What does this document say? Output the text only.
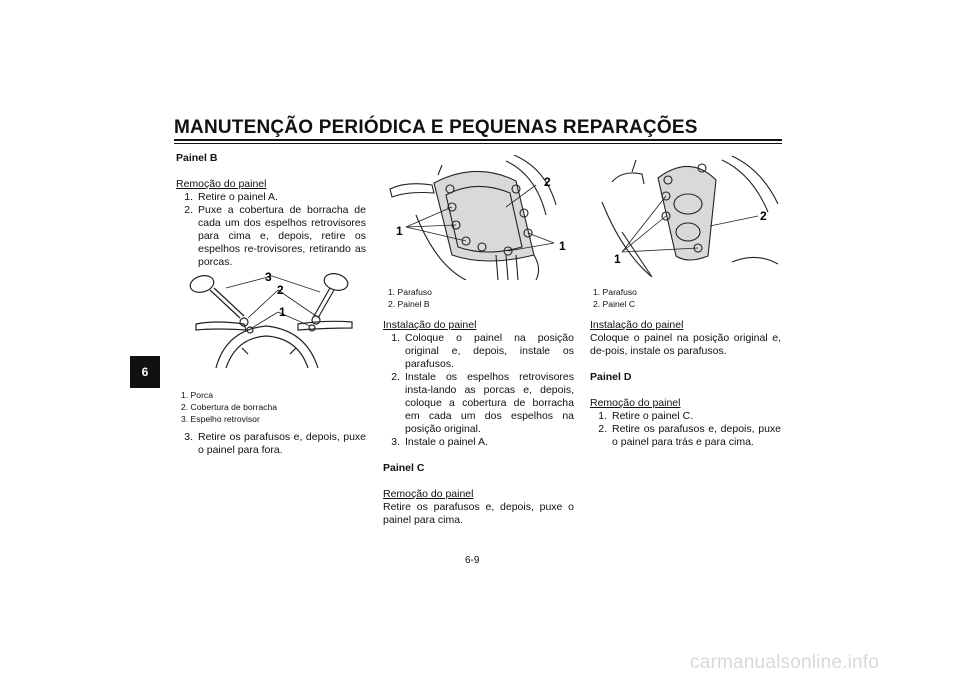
MANUTENÇÃO PERIÓDICA E PEQUENAS REPARAÇÕES
6
Painel B
Remoção do painel
1. Retire o painel A.
2. Puxe a cobertura de borracha de cada um dos espelhos retrovisores para cima e, depois, retire os espelhos re-trovisores, retirando as porcas.
3
2
1
1. Porca
2. Cobertura de borracha
3. Espelho retrovisor
3. Retire os parafusos e, depois, puxe o painel para fora.
2
1
1
1. Parafuso
2. Painel B
Instalação do painel
1. Coloque o painel na posição original e, depois, instale os parafusos.
2. Instale os espelhos retrovisores insta-lando as porcas e, depois, coloque a cobertura de borracha em cada um dos espelhos na posição original.
3. Instale o painel A.
Painel C
Remoção do painel
Retire os parafusos e, depois, puxe o painel para cima.
2
1
1. Parafuso
2. Painel C
Instalação do painel
Coloque o painel na posição original e, de-pois, instale os parafusos.
Painel D
Remoção do painel
1. Retire o painel C.
2. Retire os parafusos e, depois, puxe o painel para trás e para cima.
6-9
carmanualsonline.info
